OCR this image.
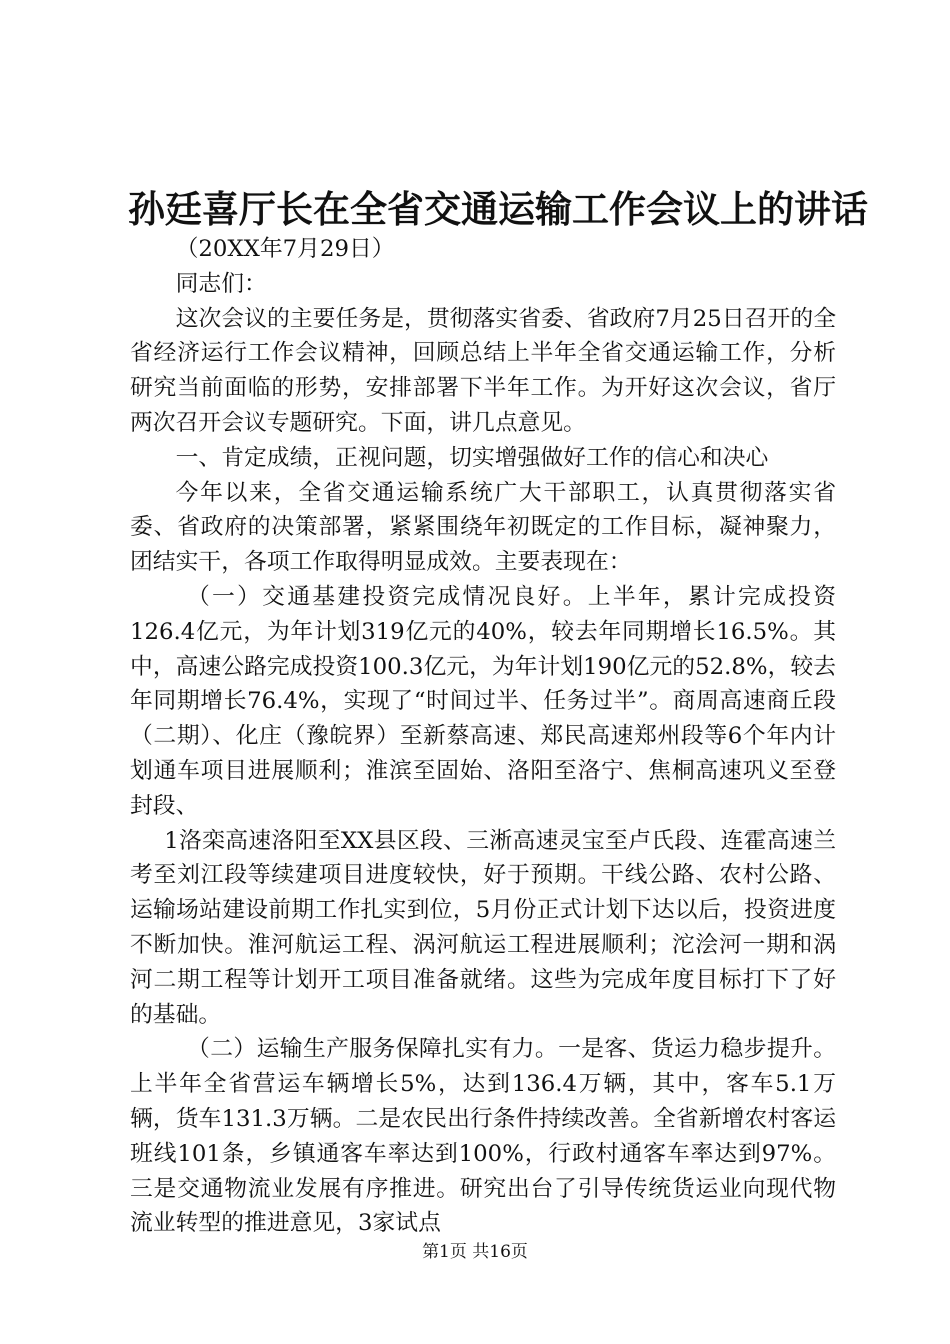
孙廷喜厅长在全省交通运输工作会议上的讲话

（20XX年7月29日）

同志们：

这次会议的主要任务是，贯彻落实省委、省政府7月25日召开的全省经济运行工作会议精神，回顾总结上半年全省交通运输工作，分析研究当前面临的形势，安排部署下半年工作。为开好这次会议，省厅两次召开会议专题研究。下面，讲几点意见。

一、肯定成绩，正视问题，切实增强做好工作的信心和决心

今年以来，全省交通运输系统广大干部职工，认真贯彻落实省委、省政府的决策部署，紧紧围绕年初既定的工作目标，凝神聚力，团结实干，各项工作取得明显成效。主要表现在：

（一）交通基建投资完成情况良好。上半年，累计完成投资126.4亿元，为年计划319亿元的40%，较去年同期增长16.5%。其中，高速公路完成投资100.3亿元，为年计划190亿元的52.8%，较去年同期增长76.4%，实现了“时间过半、任务过半”。商周高速商丘段（二期）、化庄（豫皖界）至新蔡高速、郑民高速郑州段等6个年内计划通车项目进展顺利；淮滨至固始、洛阳至洛宁、焦桐高速巩义至登封段、

1洛栾高速洛阳至XX县区段、三淅高速灵宝至卢氏段、连霍高速兰考至刘江段等续建项目进度较快，好于预期。干线公路、农村公路、运输场站建设前期工作扎实到位，5月份正式计划下达以后，投资进度不断加快。淮河航运工程、涡河航运工程进展顺利；沱浍河一期和涡河二期工程等计划开工项目准备就绪。这些为完成年度目标打下了好的基础。

（二）运输生产服务保障扎实有力。一是客、货运力稳步提升。上半年全省营运车辆增长5%，达到136.4万辆，其中，客车5.1万辆，货车131.3万辆。二是农民出行条件持续改善。全省新增农村客运班线101条，乡镇通客车率达到100%，行政村通客车率达到97%。三是交通物流业发展有序推进。研究出台了引导传统货运业向现代物流业转型的推进意见，3家试点

第1页 共16页
